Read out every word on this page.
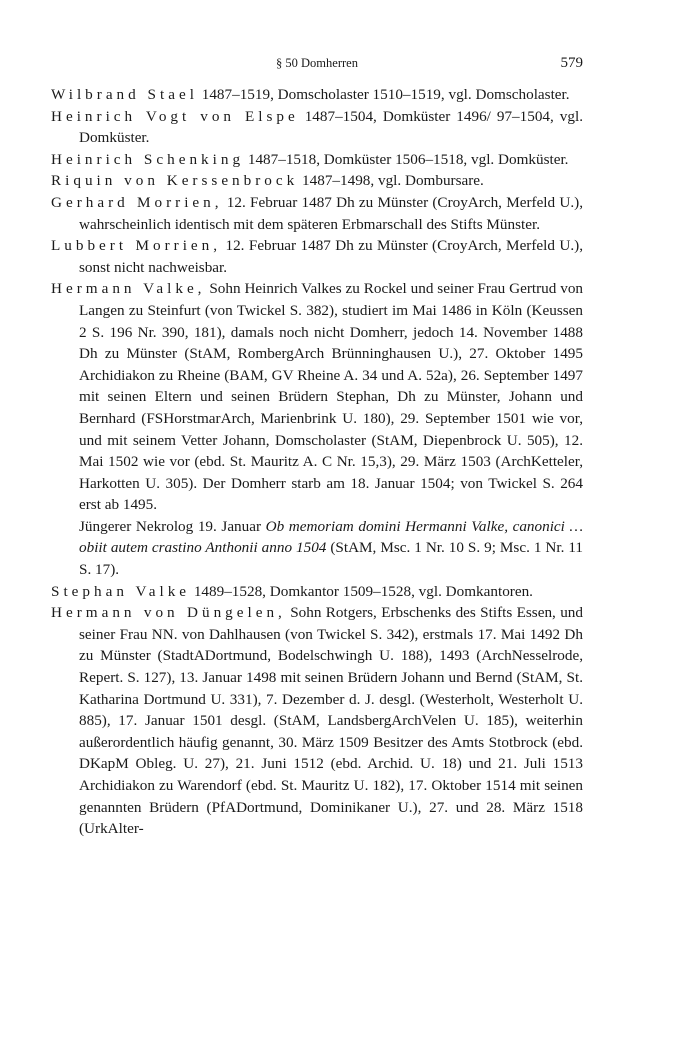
§ 50 Domherren	579

Wilbrand Stael 1487–1519, Domscholaster 1510–1519, vgl. Domscholaster.

Heinrich Vogt von Elspe 1487–1504, Domküster 1496/ 97–1504, vgl. Domküster.

Heinrich Schenking 1487–1518, Domküster 1506–1518, vgl. Domküster.

Riquin von Kerssenbrock 1487–1498, vgl. Dombursare.

Gerhard Morrien, 12. Februar 1487 Dh zu Münster (CroyArch, Merfeld U.), wahrscheinlich identisch mit dem späteren Erbmarschall des Stifts Münster.

Lubbert Morrien, 12. Februar 1487 Dh zu Münster (CroyArch, Merfeld U.), sonst nicht nachweisbar.

Hermann Valke, Sohn Heinrich Valkes zu Rockel und seiner Frau Gertrud von Langen zu Steinfurt (von Twickel S. 382), studiert im Mai 1486 in Köln (Keussen 2 S. 196 Nr. 390, 181), damals noch nicht Domherr, jedoch 14. November 1488 Dh zu Münster (StAM, RombergArch Brünninghausen U.), 27. Oktober 1495 Archidiakon zu Rheine (BAM, GV Rheine A. 34 und A. 52a), 26. September 1497 mit seinen Eltern und seinen Brüdern Stephan, Dh zu Münster, Johann und Bernhard (FSHorstmarArch, Marienbrink U. 180), 29. September 1501 wie vor, und mit seinem Vetter Johann, Domscholaster (StAM, Diepenbrock U. 505), 12. Mai 1502 wie vor (ebd. St. Mauritz A. C Nr. 15,3), 29. März 1503 (ArchKetteler, Harkotten U. 305). Der Domherr starb am 18. Januar 1504; von Twickel S. 264 erst ab 1495.

Jüngerer Nekrolog 19. Januar Ob memoriam domini Hermanni Valke, canonici … obiit autem crastino Anthonii anno 1504 (StAM, Msc. 1 Nr. 10 S. 9; Msc. 1 Nr. 11 S. 17).

Stephan Valke 1489–1528, Domkantor 1509–1528, vgl. Domkantoren.

Hermann von Düngelen, Sohn Rotgers, Erbschenks des Stifts Essen, und seiner Frau NN. von Dahlhausen (von Twickel S. 342), erstmals 17. Mai 1492 Dh zu Münster (StadtADortmund, Bodelschwingh U. 188), 1493 (ArchNesselrode, Repert. S. 127), 13. Januar 1498 mit seinen Brüdern Johann und Bernd (StAM, St. Katharina Dortmund U. 331), 7. Dezember d. J. desgl. (Westerholt, Westerholt U. 885), 17. Januar 1501 desgl. (StAM, LandsbergArchVelen U. 185), weiterhin außerordentlich häufig genannt, 30. März 1509 Besitzer des Amts Stotbrock (ebd. DKapM Obleg. U. 27), 21. Juni 1512 (ebd. Archid. U. 18) und 21. Juli 1513 Archidiakon zu Warendorf (ebd. St. Mauritz U. 182), 17. Oktober 1514 mit seinen genannten Brüdern (PfADortmund, Dominikaner U.), 27. und 28. März 1518 (UrkAlter-
